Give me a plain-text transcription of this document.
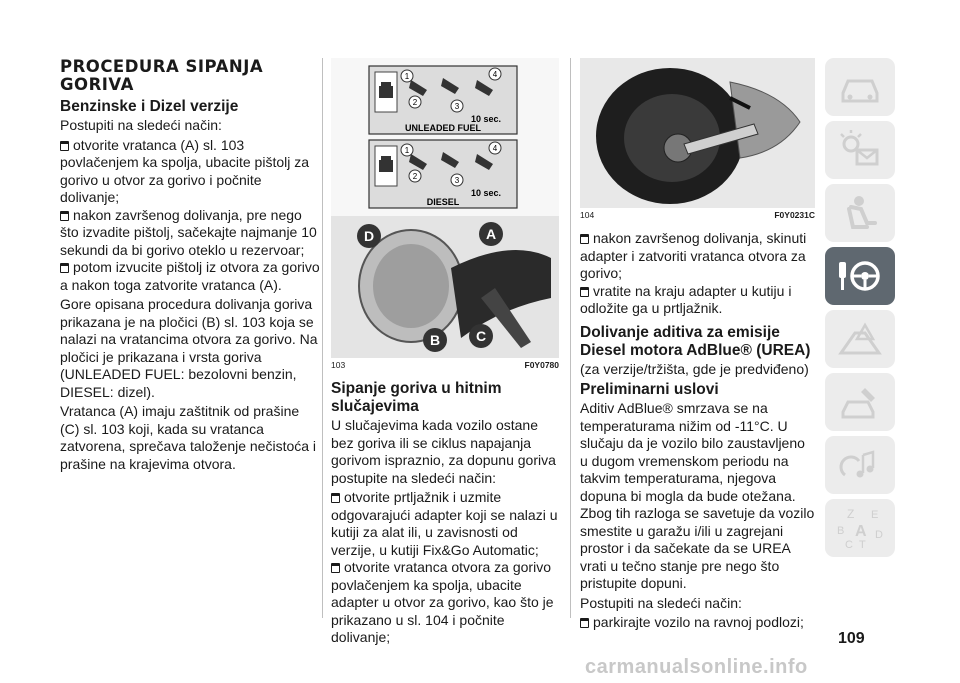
PROCEDURA SIPANJA GORIVA
Benzinske i Dizel verzije

Postupiti na sledeći način:

otvorite vratanca (A) sl. 103 povlačenjem ka spolja, ubacite pištolj za gorivo u otvor za gorivo i počnite dolivanje;
nakon završenog dolivanja, pre nego što izvadite pištolj, sačekajte najmanje 10 sekundi da bi gorivo oteklo u rezervoar;
potom izvucite pištolj iz otvora za gorivo a nakon toga zatvorite vratanca (A).

Gore opisana procedura dolivanja goriva prikazana je na pločici (B) sl. 103 koja se nalazi na vratancima otvora za gorivo. Na pločici je prikazana i vrsta goriva (UNLEADED FUEL: bezolovni benzin, DIESEL: dizel).

Vratanca (A) imaju zaštitnik od prašine (C) sl. 103 koji, kada su vratanca zatvorena, sprečava taloženje nečistoća i prašine na krajevima otvora.

1
2	3
4
10 sec.
UNLEADED FUEL
1
2	3
4
10 sec.
DIESEL
D	A
B	C
103	F0Y0780
Sipanje goriva u hitnim slučajevima

U slučajevima kada vozilo ostane bez goriva ili se ciklus napajanja gorivom ispraznio, za dopunu goriva postupite na sledeći način:

otvorite prtljažnik i uzmite odgovarajući adapter koji se nalazi u kutiji za alat ili, u zavisnosti od verzije, u kutiji Fix&Go Automatic;
otvorite vratanca otvora za gorivo povlačenjem ka spolja, ubacite adapter u otvor za gorivo, kao što je prikazano u sl. 104 i počnite dolivanje;
104	F0Y0231C
nakon završenog dolivanja, skinuti adapter i zatvoriti vratanca otvora za gorivo;
vratite na kraju adapter u kutiju i odložite ga u prtljažnik.
Dolivanje aditiva za emisije Diesel motora AdBlue® (UREA)

(za verzije/tržišta, gde je predviđeno)

Preliminarni uslovi

Aditiv AdBlue® smrzava se na temperaturama nižim od -11°C. U slučaju da je vozilo bilo zaustavljeno u dugom vremenskom periodu na takvim temperaturama, njegova dopuna bi mogla da bude otežana. Zbog tih razloga se savetuje da vozilo smestite u garažu i/ili u zagrejani prostor i da sačekate da se UREA vrati u tečno stanje pre nego što pristupite dopuni.

Postupiti na sledeći način:

parkirajte vozilo na ravnoj podlozi;
Z E
B A
C T
D
109
carmanualsonline.info
